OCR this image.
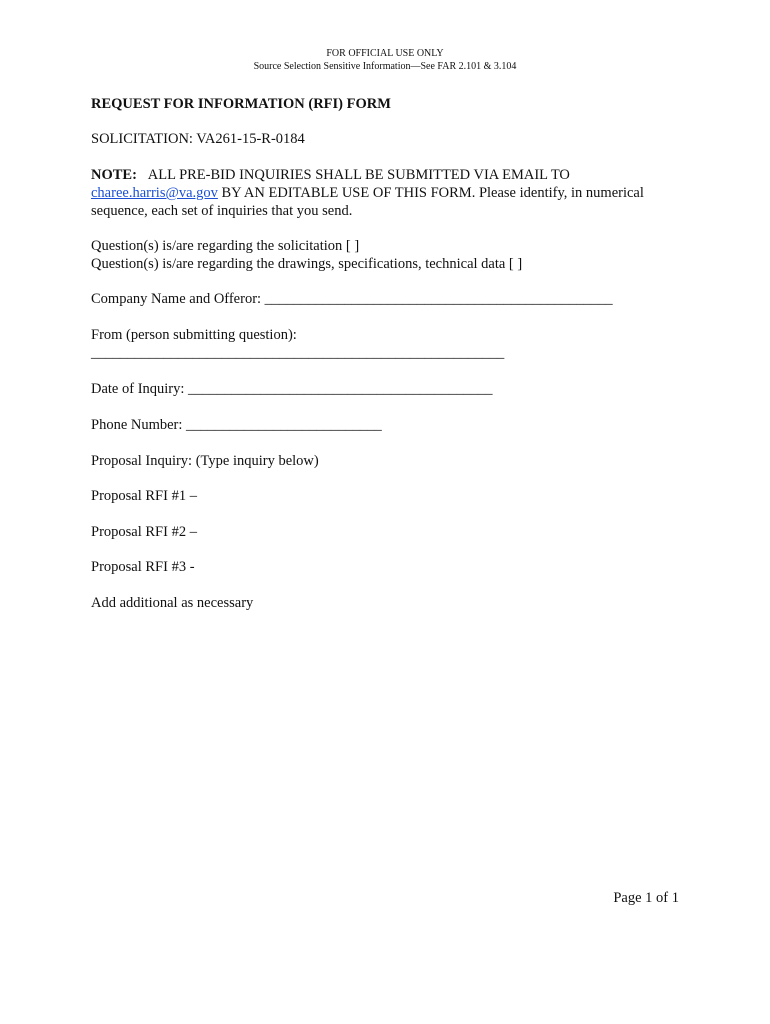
FOR OFFICIAL USE ONLY
Source Selection Sensitive Information—See FAR 2.101 & 3.104

REQUEST FOR INFORMATION (RFI) FORM

SOLICITATION: VA261-15-R-0184
NOTE: ALL PRE-BID INQUIRIES SHALL BE SUBMITTED VIA EMAIL TO
charee.harris@va.gov BY AN EDITABLE USE OF THIS FORM. Please identify, in numerical
sequence, each set of inquiries that you send.
Question(s) is/are regarding the solicitation [ ]
Question(s) is/are regarding the drawings, specifications, technical data [ ]
Company Name and Offeror: ________________________________________________
From (person submitting question):
_________________________________________________________
Date of Inquiry: __________________________________________
Phone Number: ___________________________
Proposal Inquiry: (Type inquiry below)
Proposal RFI #1 –
Proposal RFI #2 –
Proposal RFI #3 -
Add additional as necessary
Page 1 of 1
